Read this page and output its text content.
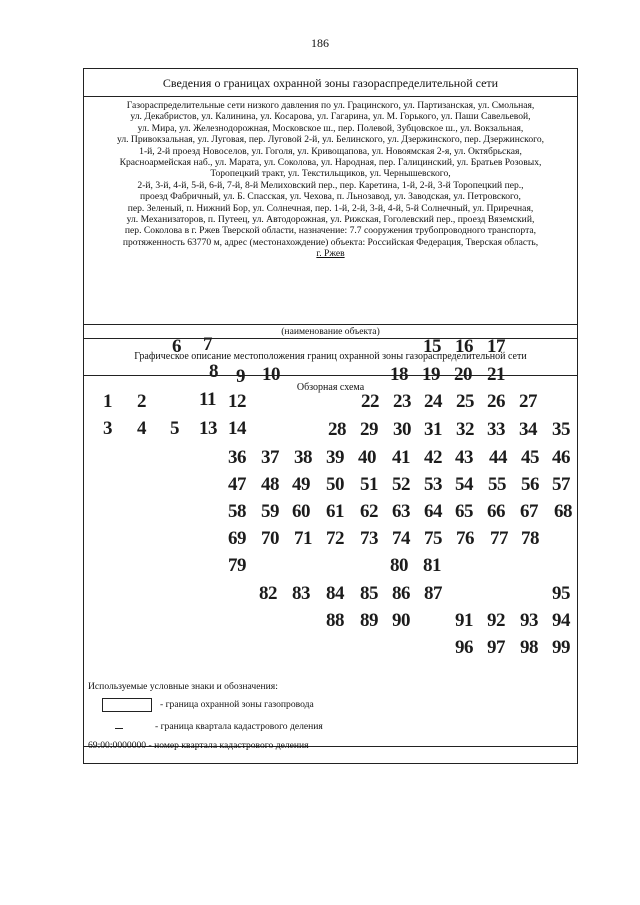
186
Сведения о границах охранной зоны газораспределительной сети
Газораспределительные сети низкого давления по ул. Грацинского, ул. Партизанская, ул. Смольная,
ул. Декабристов, ул. Калинина, ул. Косарова, ул. Гагарина, ул. М. Горького, ул. Паши Савельевой,
ул. Мира, ул. Железнодорожная, Московское ш., пер. Полевой, Зубцовское ш., ул. Вокзальная,
ул. Привокзальная, ул. Луговая, пер. Луговой 2-й, ул. Белинского, ул. Дзержинского, пер. Дзержинского,
1-й, 2-й проезд Новоселов, ул. Гоголя, ул. Кривощапова, ул. Новоямская 2-я, ул. Октябрьская,
Красноармейская наб., ул. Марата, ул. Соколова, ул. Народная, пер. Галицинский, ул. Братьев Розовых,
Торопецкий тракт, ул. Текстильщиков, ул. Чернышевского,
2-й, 3-й, 4-й, 5-й, 6-й, 7-й, 8-й Мелиховский пер., пер. Каретина, 1-й, 2-й, 3-й Торопецкий пер.,
проезд Фабричный, ул. Б. Спасская, ул. Чехова, п. Льнозавод, ул. Заводская, ул. Петровского,
пер. Зеленый, п. Нижний Бор, ул. Солнечная, пер. 1-й, 2-й, 3-й, 4-й, 5-й Солнечный, ул. Приречная,
ул. Механизаторов, п. Путеец, ул. Автодорожная, ул. Рижская, Гоголевский пер., проезд Вяземский,
пер. Соколова в г. Ржев Тверской области, назначение: 7.7 сооружения трубопроводного транспорта,
протяженность 63770 м, адрес (местонахождение) объекта: Российская Федерация, Тверская область,
г. Ржев
(наименование объекта)
Графическое описание местоположения границ охранной зоны газораспределительной сети
Обзорная схема
6 7	15 16 17
8 9 10	18 19 20 21
1 2	11 12	22 23 24 25 26 27
3 4 5 13 14	28 29 30 31 32 33 34 35
36 37 38 39 40 41 42 43 44 45 46
47 48 49 50 51 52 53 54 55 56 57
58 59 60 61 62 63 64 65 66 67 68
69 70 71 72 73 74 75 76 77 78
79	80 81
82 83 84 85 86 87	95
88 89 90 91 92 93 94
96 97 98 99
Используемые условные знаки и обозначения:
- граница охранной зоны газопровода
- граница квартала кадастрового деления
69:00:0000000 - номер квартала кадастрового деления
